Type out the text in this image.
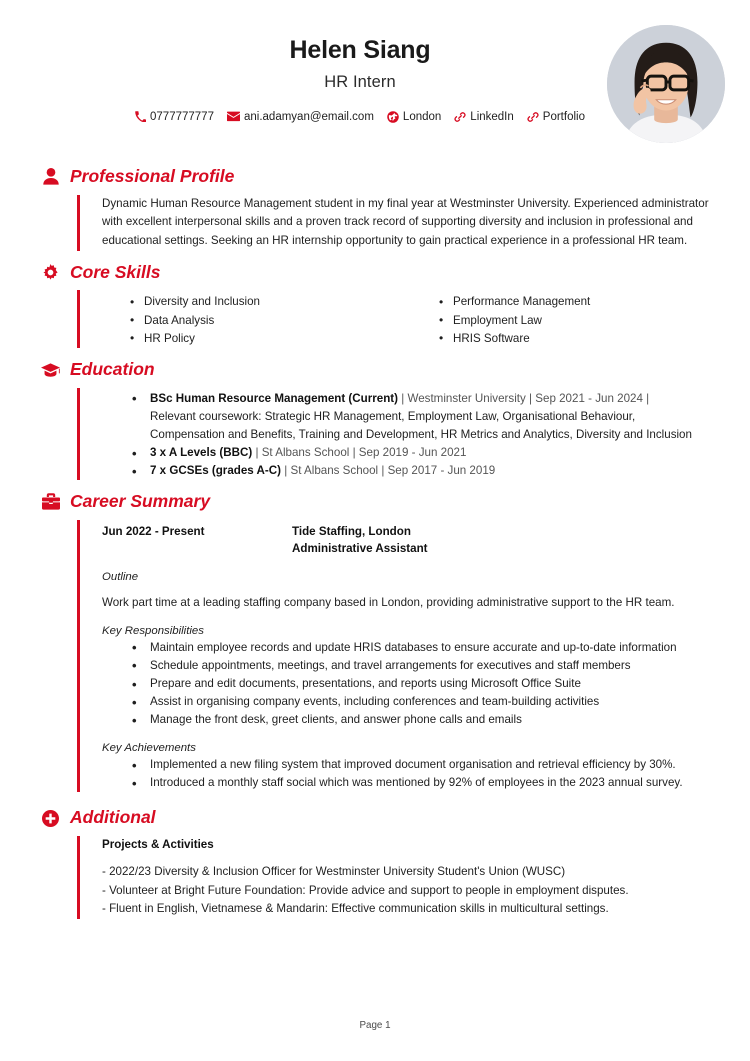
Helen Siang
HR Intern
0777777777	ani.adamyan@email.com	London	LinkedIn	Portfolio
Professional Profile

Dynamic Human Resource Management student in my final year at Westminster University. Experienced administrator with excellent interpersonal skills and a proven track record of supporting diversity and inclusion in professional and educational settings. Seeking an HR internship opportunity to gain practical experience in a professional HR team.

Core Skills
• Diversity and Inclusion
• Data Analysis
• HR Policy
• Performance Management
• Employment Law
• HRIS Software
Education
• BSc Human Resource Management (Current) | Westminster University | Sep 2021 - Jun 2024 |
Relevant coursework: Strategic HR Management, Employment Law, Organisational Behaviour, Compensation and Benefits, Training and Development, HR Metrics and Analytics, Diversity and Inclusion
• 3 x A Levels (BBC) | St Albans School | Sep 2019 - Jun 2021
• 7 x GCSEs (grades A-C) | St Albans School | Sep 2017 - Jun 2019
Career Summary
Jun 2022 - Present	Tide Staffing, London
Administrative Assistant
Outline
Work part time at a leading staffing company based in London, providing administrative support to the HR team.
Key Responsibilities
• Maintain employee records and update HRIS databases to ensure accurate and up-to-date information
• Schedule appointments, meetings, and travel arrangements for executives and staff members
• Prepare and edit documents, presentations, and reports using Microsoft Office Suite
• Assist in organising company events, including conferences and team-building activities
• Manage the front desk, greet clients, and answer phone calls and emails
Key Achievements
• Implemented a new filing system that improved document organisation and retrieval efficiency by 30%.
• Introduced a monthly staff social which was mentioned by 92% of employees in the 2023 annual survey.
Additional
Projects & Activities
- 2022/23 Diversity & Inclusion Officer for Westminster University Student's Union (WUSC)
- Volunteer at Bright Future Foundation: Provide advice and support to people in employment disputes.
- Fluent in English, Vietnamese & Mandarin: Effective communication skills in multicultural settings.
Page 1
